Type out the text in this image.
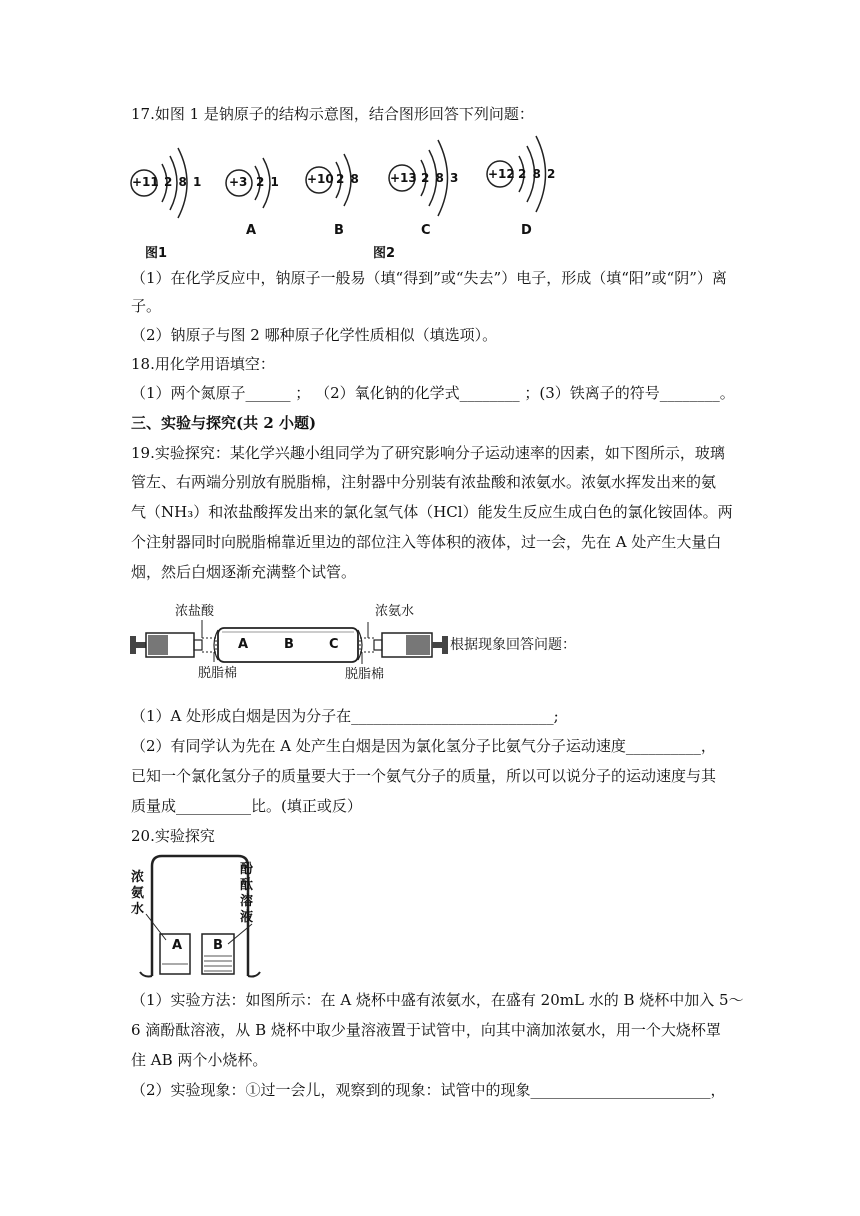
17.如图 1 是钠原子的结构示意图，结合图形回答下列问题：
+11 2 8 1 +3 2 1
A
+10 2 8
B
+13 2 8 3
C
+12 2 8 2
D
图1	图2
（1）在化学反应中，钠原子一般易（填“得到”或“失去”）电子，形成（填“阳”或“阴”）离
子。
（2）钠原子与图 2 哪种原子化学性质相似（填选项）。
18.用化学用语填空：
（1）两个氮原子______ ； （2）氧化钠的化学式________ ；(3）铁离子的符号________。
三、实验与探究(共 2 小题)
19.实验探究：某化学兴趣小组同学为了研究影响分子运动速率的因素，如下图所示，玻璃
管左、右两端分别放有脱脂棉，注射器中分别装有浓盐酸和浓氨水。浓氨水挥发出来的氨
气（NH₃）和浓盐酸挥发出来的氯化氢气体（HCl）能发生反应生成白色的氯化铵固体。两
个注射器同时向脱脂棉靠近里边的部位注入等体积的液体，过一会，先在 A 处产生大量白
烟，然后白烟逐渐充满整个试管。
浓盐酸	浓氨水
脱脂棉	脱脂棉
A	B	C	根据现象回答问题：
（1）A 处形成白烟是因为分子在___________________________;
（2）有同学认为先在 A 处产生白烟是因为氯化氢分子比氨气分子运动速度__________，
已知一个氯化氢分子的质量要大于一个氨气分子的质量，所以可以说分子的运动速度与其
质量成__________比。(填正或反）
20.实验探究
浓氨水
酚酞溶液
A B
（1）实验方法：如图所示：在 A 烧杯中盛有浓氨水，在盛有 20mL 水的 B 烧杯中加入 5～
6 滴酚酞溶液，从 B 烧杯中取少量溶液置于试管中，向其中滴加浓氨水，用一个大烧杯罩
住 AB 两个小烧杯。
（2）实验现象：①过一会儿，观察到的现象：试管中的现象________________________，
